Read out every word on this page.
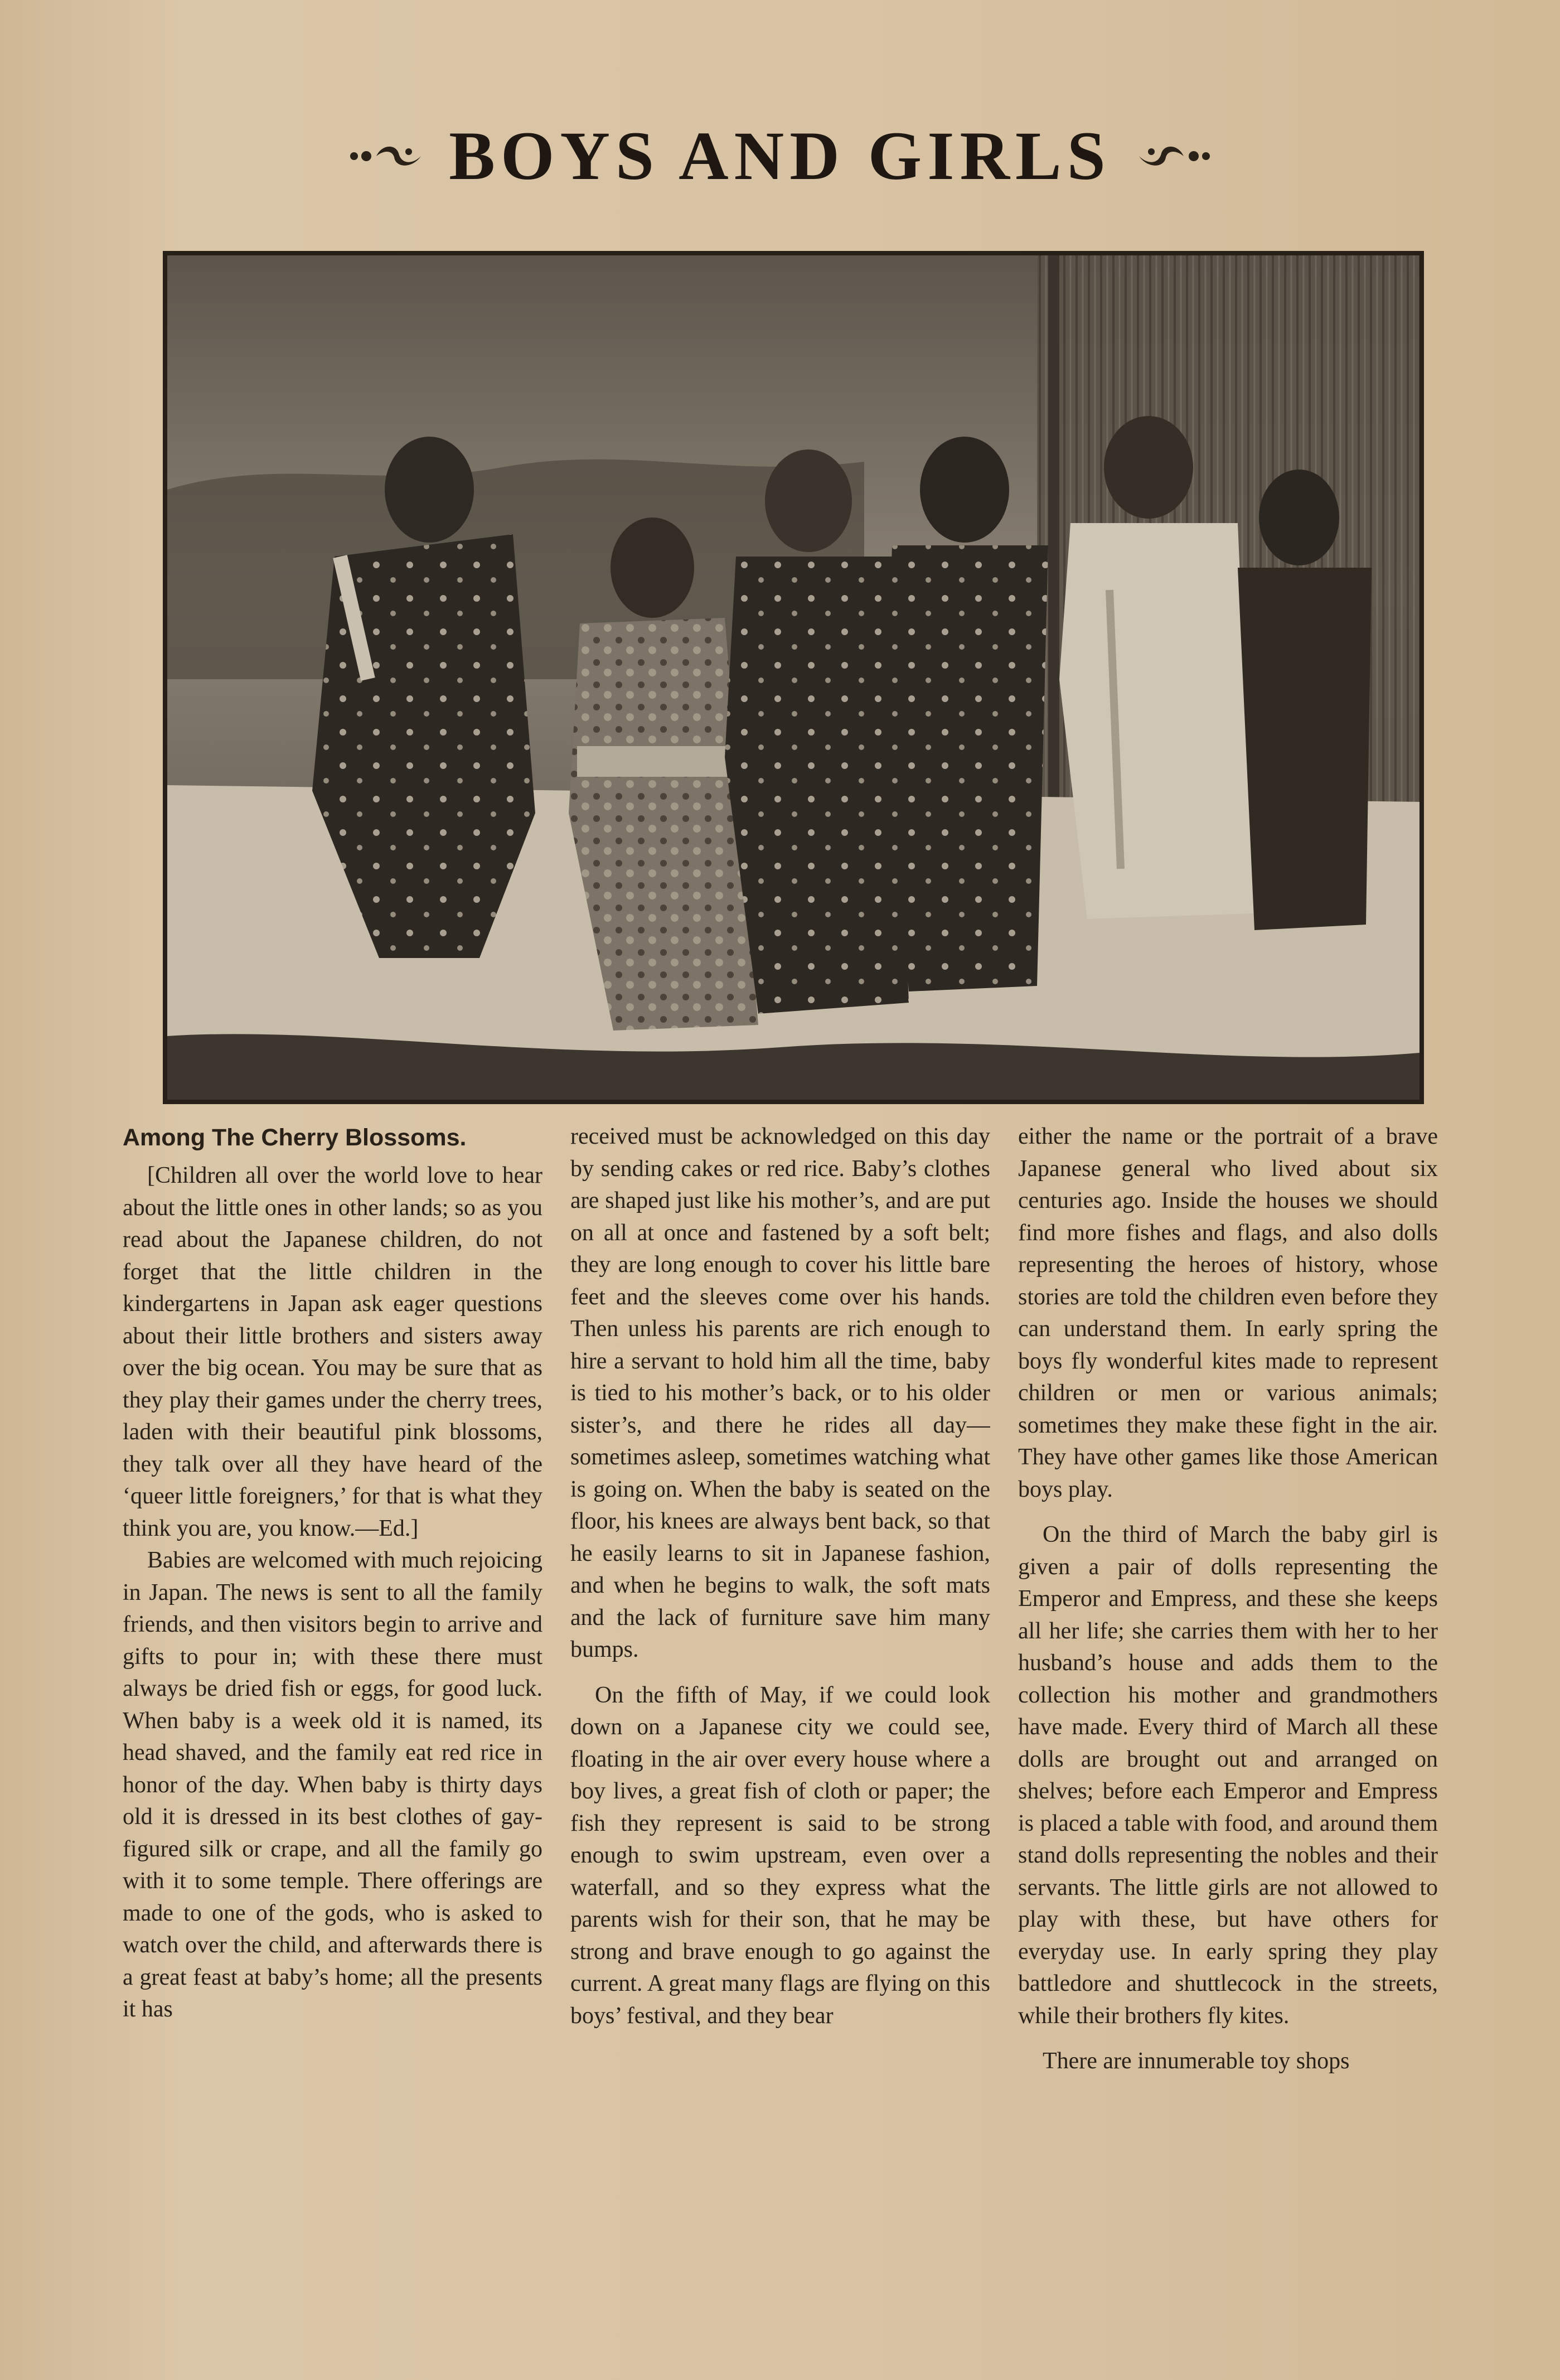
BOYS AND GIRLS
Among The Cherry Blossoms.

[Children all over the world love to hear about the little ones in other lands; so as you read about the Japanese children, do not forget that the little children in the kindergartens in Japan ask eager questions about their little brothers and sisters away over the big ocean. You may be sure that as they play their games under the cherry trees, laden with their beautiful pink blossoms, they talk over all they have heard of the ‘queer little foreigners,’ for that is what they think you are, you know.—Ed.]

Babies are welcomed with much rejoicing in Japan. The news is sent to all the family friends, and then visitors begin to arrive and gifts to pour in; with these there must always be dried fish or eggs, for good luck. When baby is a week old it is named, its head shaved, and the family eat red rice in honor of the day. When baby is thirty days old it is dressed in its best clothes of gay-figured silk or crape, and all the family go with it to some temple. There offerings are made to one of the gods, who is asked to watch over the child, and afterwards there is a great feast at baby’s home; all the presents it has

received must be acknowledged on this day by sending cakes or red rice. Baby’s clothes are shaped just like his mother’s, and are put on all at once and fastened by a soft belt; they are long enough to cover his little bare feet and the sleeves come over his hands. Then unless his parents are rich enough to hire a servant to hold him all the time, baby is tied to his mother’s back, or to his older sister’s, and there he rides all day—sometimes asleep, sometimes watching what is going on. When the baby is seated on the floor, his knees are always bent back, so that he easily learns to sit in Japanese fashion, and when he begins to walk, the soft mats and the lack of furniture save him many bumps.

On the fifth of May, if we could look down on a Japanese city we could see, floating in the air over every house where a boy lives, a great fish of cloth or paper; the fish they represent is said to be strong enough to swim upstream, even over a waterfall, and so they express what the parents wish for their son, that he may be strong and brave enough to go against the current. A great many flags are flying on this boys’ festival, and they bear

either the name or the portrait of a brave Japanese general who lived about six centuries ago. Inside the houses we should find more fishes and flags, and also dolls representing the heroes of history, whose stories are told the children even before they can understand them. In early spring the boys fly wonderful kites made to represent children or men or various animals; sometimes they make these fight in the air. They have other games like those American boys play.

On the third of March the baby girl is given a pair of dolls representing the Emperor and Empress, and these she keeps all her life; she carries them with her to her husband’s house and adds them to the collection his mother and grandmothers have made. Every third of March all these dolls are brought out and arranged on shelves; before each Emperor and Empress is placed a table with food, and around them stand dolls representing the nobles and their servants. The little girls are not allowed to play with these, but have others for everyday use. In early spring they play battledore and shuttlecock in the streets, while their brothers fly kites.

There are innumerable toy shops
